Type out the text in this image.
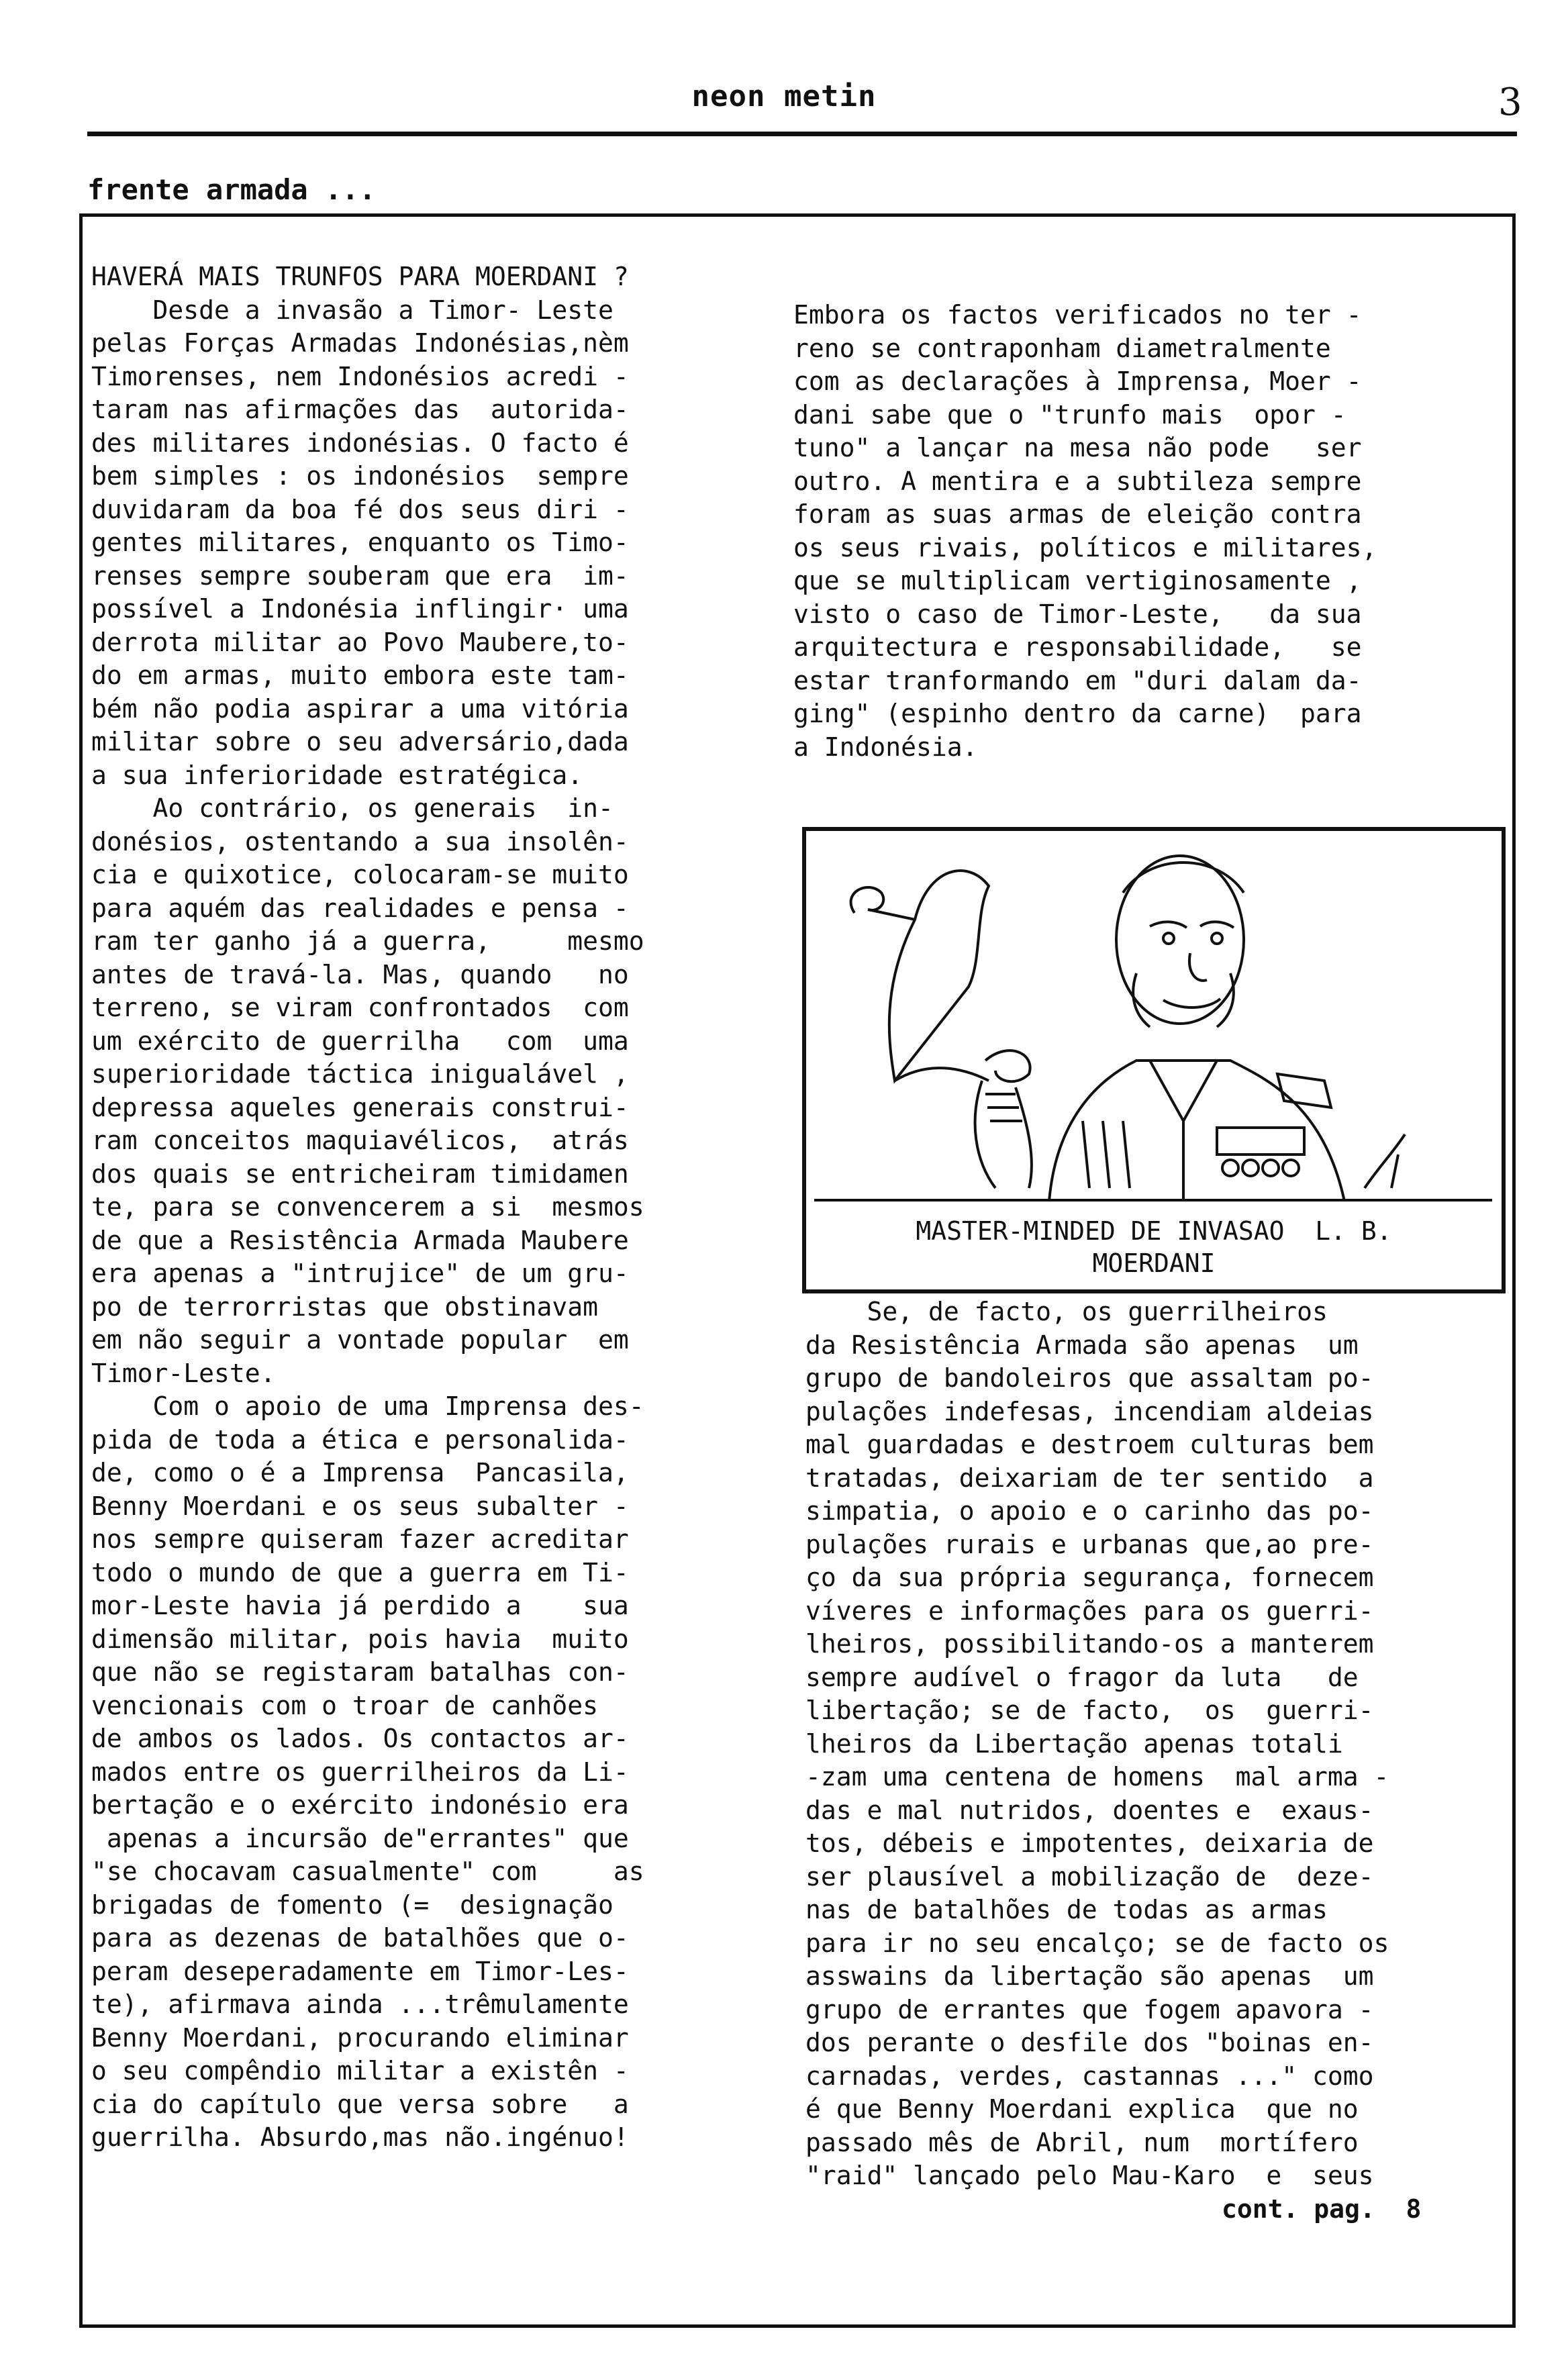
neon metin	3
frente armada ...
HAVERÁ MAIS TRUNFOS PARA MOERDANI ?
Desde a invasão a Timor- Leste
pelas Forças Armadas Indonésias,nèm
Timorenses, nem Indonésios acredi -
taram nas afirmações das  autorida-
des militares indonésias. O facto é
bem simples : os indonésios  sempre
duvidaram da boa fé dos seus diri -
gentes militares, enquanto os Timo-
renses sempre souberam que era  im-
possível a Indonésia inflingir· uma
derrota militar ao Povo Maubere,to-
do em armas, muito embora este tam-
bém não podia aspirar a uma vitória
militar sobre o seu adversário,dada
a sua inferioridade estratégica.
Ao contrário, os generais  in-
donésios, ostentando a sua insolên-
cia e quixotice, colocaram-se muito
para aquém das realidades e pensa -
ram ter ganho já a guerra,     mesmo
antes de travá-la. Mas, quando   no
terreno, se viram confrontados  com
um exército de guerrilha   com  uma
superioridade táctica inigualável ,
depressa aqueles generais construi-
ram conceitos maquiavélicos,  atrás
dos quais se entricheiram timidamen
te, para se convencerem a si  mesmos
de que a Resistência Armada Maubere
era apenas a "intrujice" de um gru-
po de terrorristas que obstinavam
em não seguir a vontade popular  em
Timor-Leste.
Com o apoio de uma Imprensa des-
pida de toda a ética e personalida-
de, como o é a Imprensa  Pancasila,
Benny Moerdani e os seus subalter -
nos sempre quiseram fazer acreditar
todo o mundo de que a guerra em Ti-
mor-Leste havia já perdido a    sua
dimensão militar, pois havia  muito
que não se registaram batalhas con-
vencionais com o troar de canhões
de ambos os lados. Os contactos ar-
mados entre os guerrilheiros da Li-
bertação e o exército indonésio era
apenas a incursão de"errantes" que
"se chocavam casualmente" com     as
brigadas de fomento (=  designação
para as dezenas de batalhões que o-
peram deseperadamente em Timor-Les-
te), afirmava ainda ...trêmulamente
Benny Moerdani, procurando eliminar
o seu compêndio militar a existên -
cia do capítulo que versa sobre   a
guerrilha. Absurdo,mas não.ingénuo!
Embora os factos verificados no ter -
reno se contraponham diametralmente
com as declarações à Imprensa, Moer -
dani sabe que o "trunfo mais  opor -
tuno" a lançar na mesa não pode   ser
outro. A mentira e a subtileza sempre
foram as suas armas de eleição contra
os seus rivais, políticos e militares,
que se multiplicam vertiginosamente ,
visto o caso de Timor-Leste,   da sua
arquitectura e responsabilidade,   se
estar tranformando em "duri dalam da-
ging" (espinho dentro da carne)  para
a Indonésia.
MASTER-MINDED DE INVASAO  L. B.
MOERDANI
Se, de facto, os guerrilheiros
da Resistência Armada são apenas  um
grupo de bandoleiros que assaltam po-
pulações indefesas, incendiam aldeias
mal guardadas e destroem culturas bem
tratadas, deixariam de ter sentido  a
simpatia, o apoio e o carinho das po-
pulações rurais e urbanas que,ao pre-
ço da sua própria segurança, fornecem
víveres e informações para os guerri-
lheiros, possibilitando-os a manterem
sempre audível o fragor da luta   de
libertação; se de facto,  os  guerri-
lheiros da Libertação apenas totali
-zam uma centena de homens  mal arma -
das e mal nutridos, doentes e  exaus-
tos, débeis e impotentes, deixaria de
ser plausível a mobilização de  deze-
nas de batalhões de todas as armas
para ir no seu encalço; se de facto os
asswains da libertação são apenas  um
grupo de errantes que fogem apavora -
dos perante o desfile dos "boinas en-
carnadas, verdes, castannas ..." como
é que Benny Moerdani explica  que no
passado mês de Abril, num  mortífero
"raid" lançado pelo Mau-Karo  e  seus
cont. pag.  8
